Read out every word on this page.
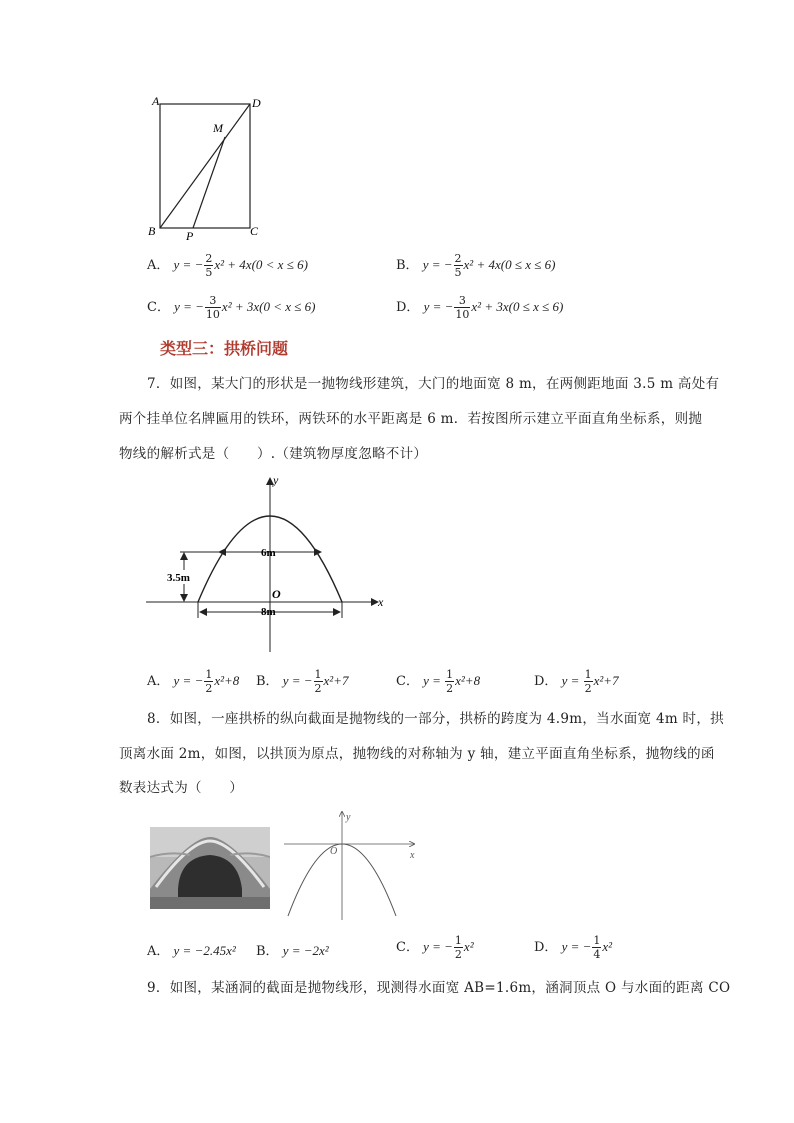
A	D
M
B	P	C
A． y = − $\frac{2}{5} x^2 + 4x(0 < x \le 6)$	B． y = − $\frac{2}{5} x^2 + 4x(0 \le x \le 6)$
C． y = − $\frac{3}{10} x^2 + 3x(0 < x \le 6)$	D． y = − $\frac{3}{10} x^2 + 3x(0 \le x \le 6)$
类型三：拱桥问题
7．如图，某大门的形状是一抛物线形建筑，大门的地面宽 8 m，在两侧距地面 3.5 m 高处有
两个挂单位名牌匾用的铁环，两铁环的水平距离是 6 m．若按图所示建立平面直角坐标系，则抛
物线的解析式是（　　）.（建筑物厚度忽略不计）
y
x
O
6m
8m
3.5m
A． y = − $\frac{1}{2} x^2+8$ B． y = − $\frac{1}{2} x^2+7$	C． $y = \frac{1}{2} x^2+8$	D． $y = \frac{1}{2} x^2+7$
8．如图，一座拱桥的纵向截面是抛物线的一部分，拱桥的跨度为 4.9m，当水面宽 4m 时，拱
顶离水面 2m，如图，以拱顶为原点，抛物线的对称轴为 y 轴，建立平面直角坐标系，抛物线的函
数表达式为（　　）
y
x
O
A． y = −2.45x² B． y = −2x²	C． y = − $\frac{1}{2} x^2$	D． y = − $\frac{1}{4} x^2$
9．如图，某涵洞的截面是抛物线形，现测得水面宽 AB=1.6m，涵洞顶点 O 与水面的距离 CO
